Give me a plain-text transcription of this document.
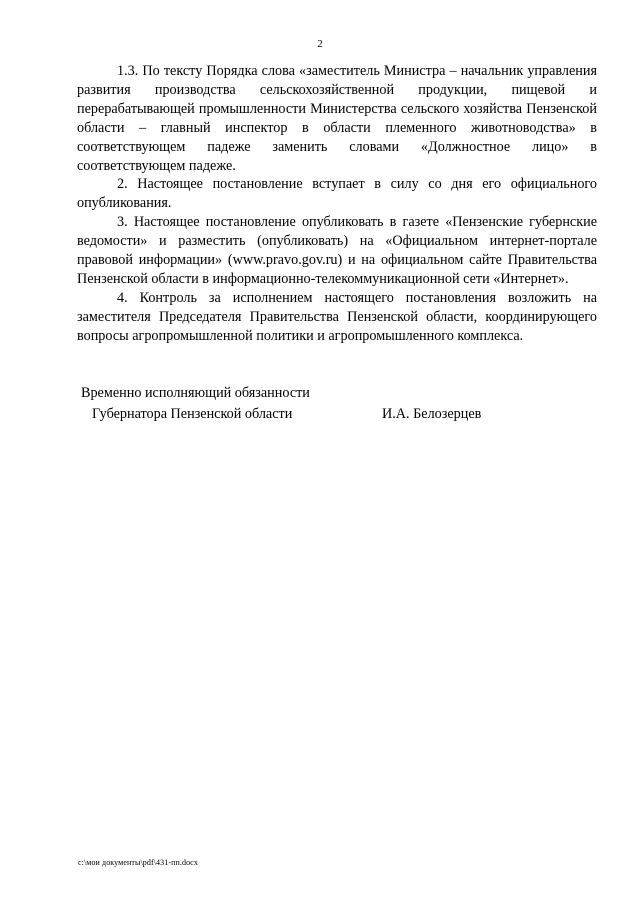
2

1.3. По тексту Порядка слова «заместитель Министра – начальник управления развития производства сельскохозяйственной продукции, пищевой и перерабатывающей промышленности Министерства сельского хозяйства Пензенской области – главный инспектор в области племенного животноводства» в соответствующем падеже заменить словами «Должностное лицо» в соответствующем падеже.

2. Настоящее постановление вступает в силу со дня его официального опубликования.

3. Настоящее постановление опубликовать в газете «Пензенские губернские ведомости» и разместить (опубликовать) на «Официальном интернет-портале правовой информации» (www.pravo.gov.ru) и на официальном сайте Правительства Пензенской области в информационно-телекоммуникационной сети «Интернет».

4. Контроль за исполнением настоящего постановления возложить на заместителя Председателя Правительства Пензенской области, координирующего вопросы агропромышленной политики и агропромышленного комплекса.

Временно исполняющий обязанности
Губернатора Пензенской области	И.А. Белозерцев
c:\мои документы\pdf\431-пп.docx
